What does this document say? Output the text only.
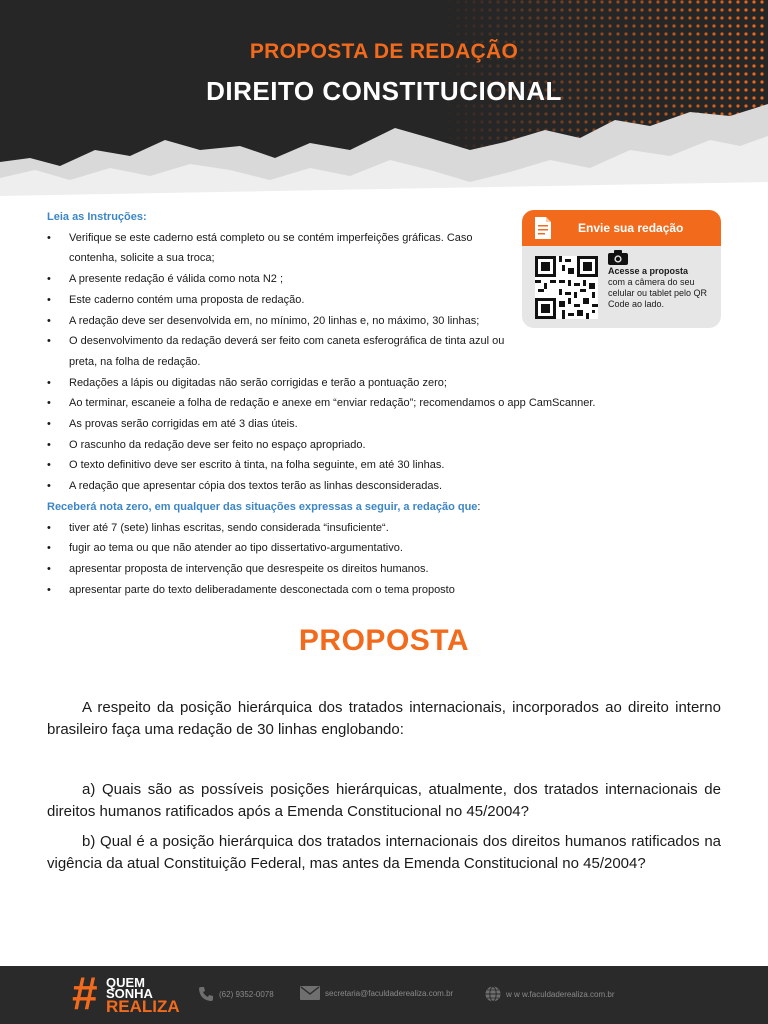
PROPOSTA DE REDAÇÃO
DIREITO CONSTITUCIONAL
Envie sua redação
Acesse a proposta
com a câmera do seu celular ou tablet pelo QR Code ao lado.
Leia as Instruções:
• Verifique se este caderno está completo ou se contém imperfeições gráficas. Caso contenha, solicite a sua troca;
• A presente redação é válida como nota N2 ;
• Este caderno contém uma proposta de redação.
• A redação deve ser desenvolvida em, no mínimo, 20 linhas e, no máximo, 30 linhas;
• O desenvolvimento da redação deverá ser feito com caneta esferográfica de tinta azul ou preta, na folha de redação.
• Redações a lápis ou digitadas não serão corrigidas e terão a pontuação zero;
• Ao terminar, escaneie a folha de redação e anexe em “enviar redação”; recomendamos o app CamScanner.
• As provas serão corrigidas em até 3 dias úteis.
• O rascunho da redação deve ser feito no espaço apropriado.
• O texto definitivo deve ser escrito à tinta, na folha seguinte, em até 30 linhas.
• A redação que apresentar cópia dos textos terão as linhas desconsideradas.
Receberá nota zero, em qualquer das situações expressas a seguir, a redação que:
• tiver até 7 (sete) linhas escritas, sendo considerada “insuficiente“.
• fugir ao tema ou que não atender ao tipo dissertativo-argumentativo.
• apresentar proposta de intervenção que desrespeite os direitos humanos.
• apresentar parte do texto deliberadamente desconectada com o tema proposto
PROPOSTA

A respeito da posição hierárquica dos tratados internacionais, incorporados ao direito interno brasileiro faça uma redação de 30 linhas englobando:

a) Quais são as possíveis posições hierárquicas, atualmente, dos tratados internacionais de direitos humanos ratificados após a Emenda Constitucional no 45/2004?

b) Qual é a posição hierárquica dos tratados internacionais dos direitos humanos ratificados na vigência da atual Constituição Federal, mas antes da Emenda Constitucional no 45/2004?

# QUEM
SONHA
REALIZA
(62) 9352-0078	secretaria@faculdaderealiza.com.br	w w w.faculdaderealiza.com.br
